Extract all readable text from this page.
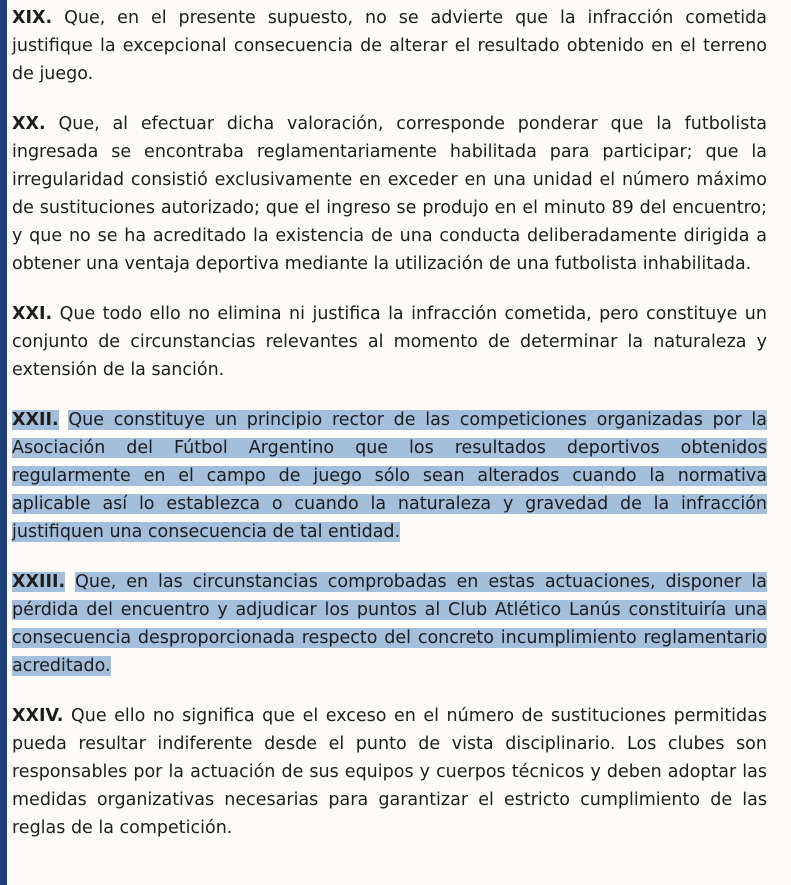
XIX. Que, en el presente supuesto, no se advierte que la infracción cometida justifique la excepcional consecuencia de alterar el resultado obtenido en el terreno de juego.

XX. Que, al efectuar dicha valoración, corresponde ponderar que la futbolista ingresada se encontraba reglamentariamente habilitada para participar; que la irregularidad consistió exclusivamente en exceder en una unidad el número máximo de sustituciones autorizado; que el ingreso se produjo en el minuto 89 del encuentro; y que no se ha acreditado la existencia de una conducta deliberadamente dirigida a obtener una ventaja deportiva mediante la utilización de una futbolista inhabilitada.

XXI. Que todo ello no elimina ni justifica la infracción cometida, pero constituye un conjunto de circunstancias relevantes al momento de determinar la naturaleza y extensión de la sanción.

XXII. Que constituye un principio rector de las competiciones organizadas por la Asociación del Fútbol Argentino que los resultados deportivos obtenidos regularmente en el campo de juego sólo sean alterados cuando la normativa aplicable así lo establezca o cuando la naturaleza y gravedad de la infracción justifiquen una consecuencia de tal entidad.

XXIII. Que, en las circunstancias comprobadas en estas actuaciones, disponer la pérdida del encuentro y adjudicar los puntos al Club Atlético Lanús constituiría una consecuencia desproporcionada respecto del concreto incumplimiento reglamentario acreditado.

XXIV. Que ello no significa que el exceso en el número de sustituciones permitidas pueda resultar indiferente desde el punto de vista disciplinario. Los clubes son responsables por la actuación de sus equipos y cuerpos técnicos y deben adoptar las medidas organizativas necesarias para garantizar el estricto cumplimiento de las reglas de la competición.
